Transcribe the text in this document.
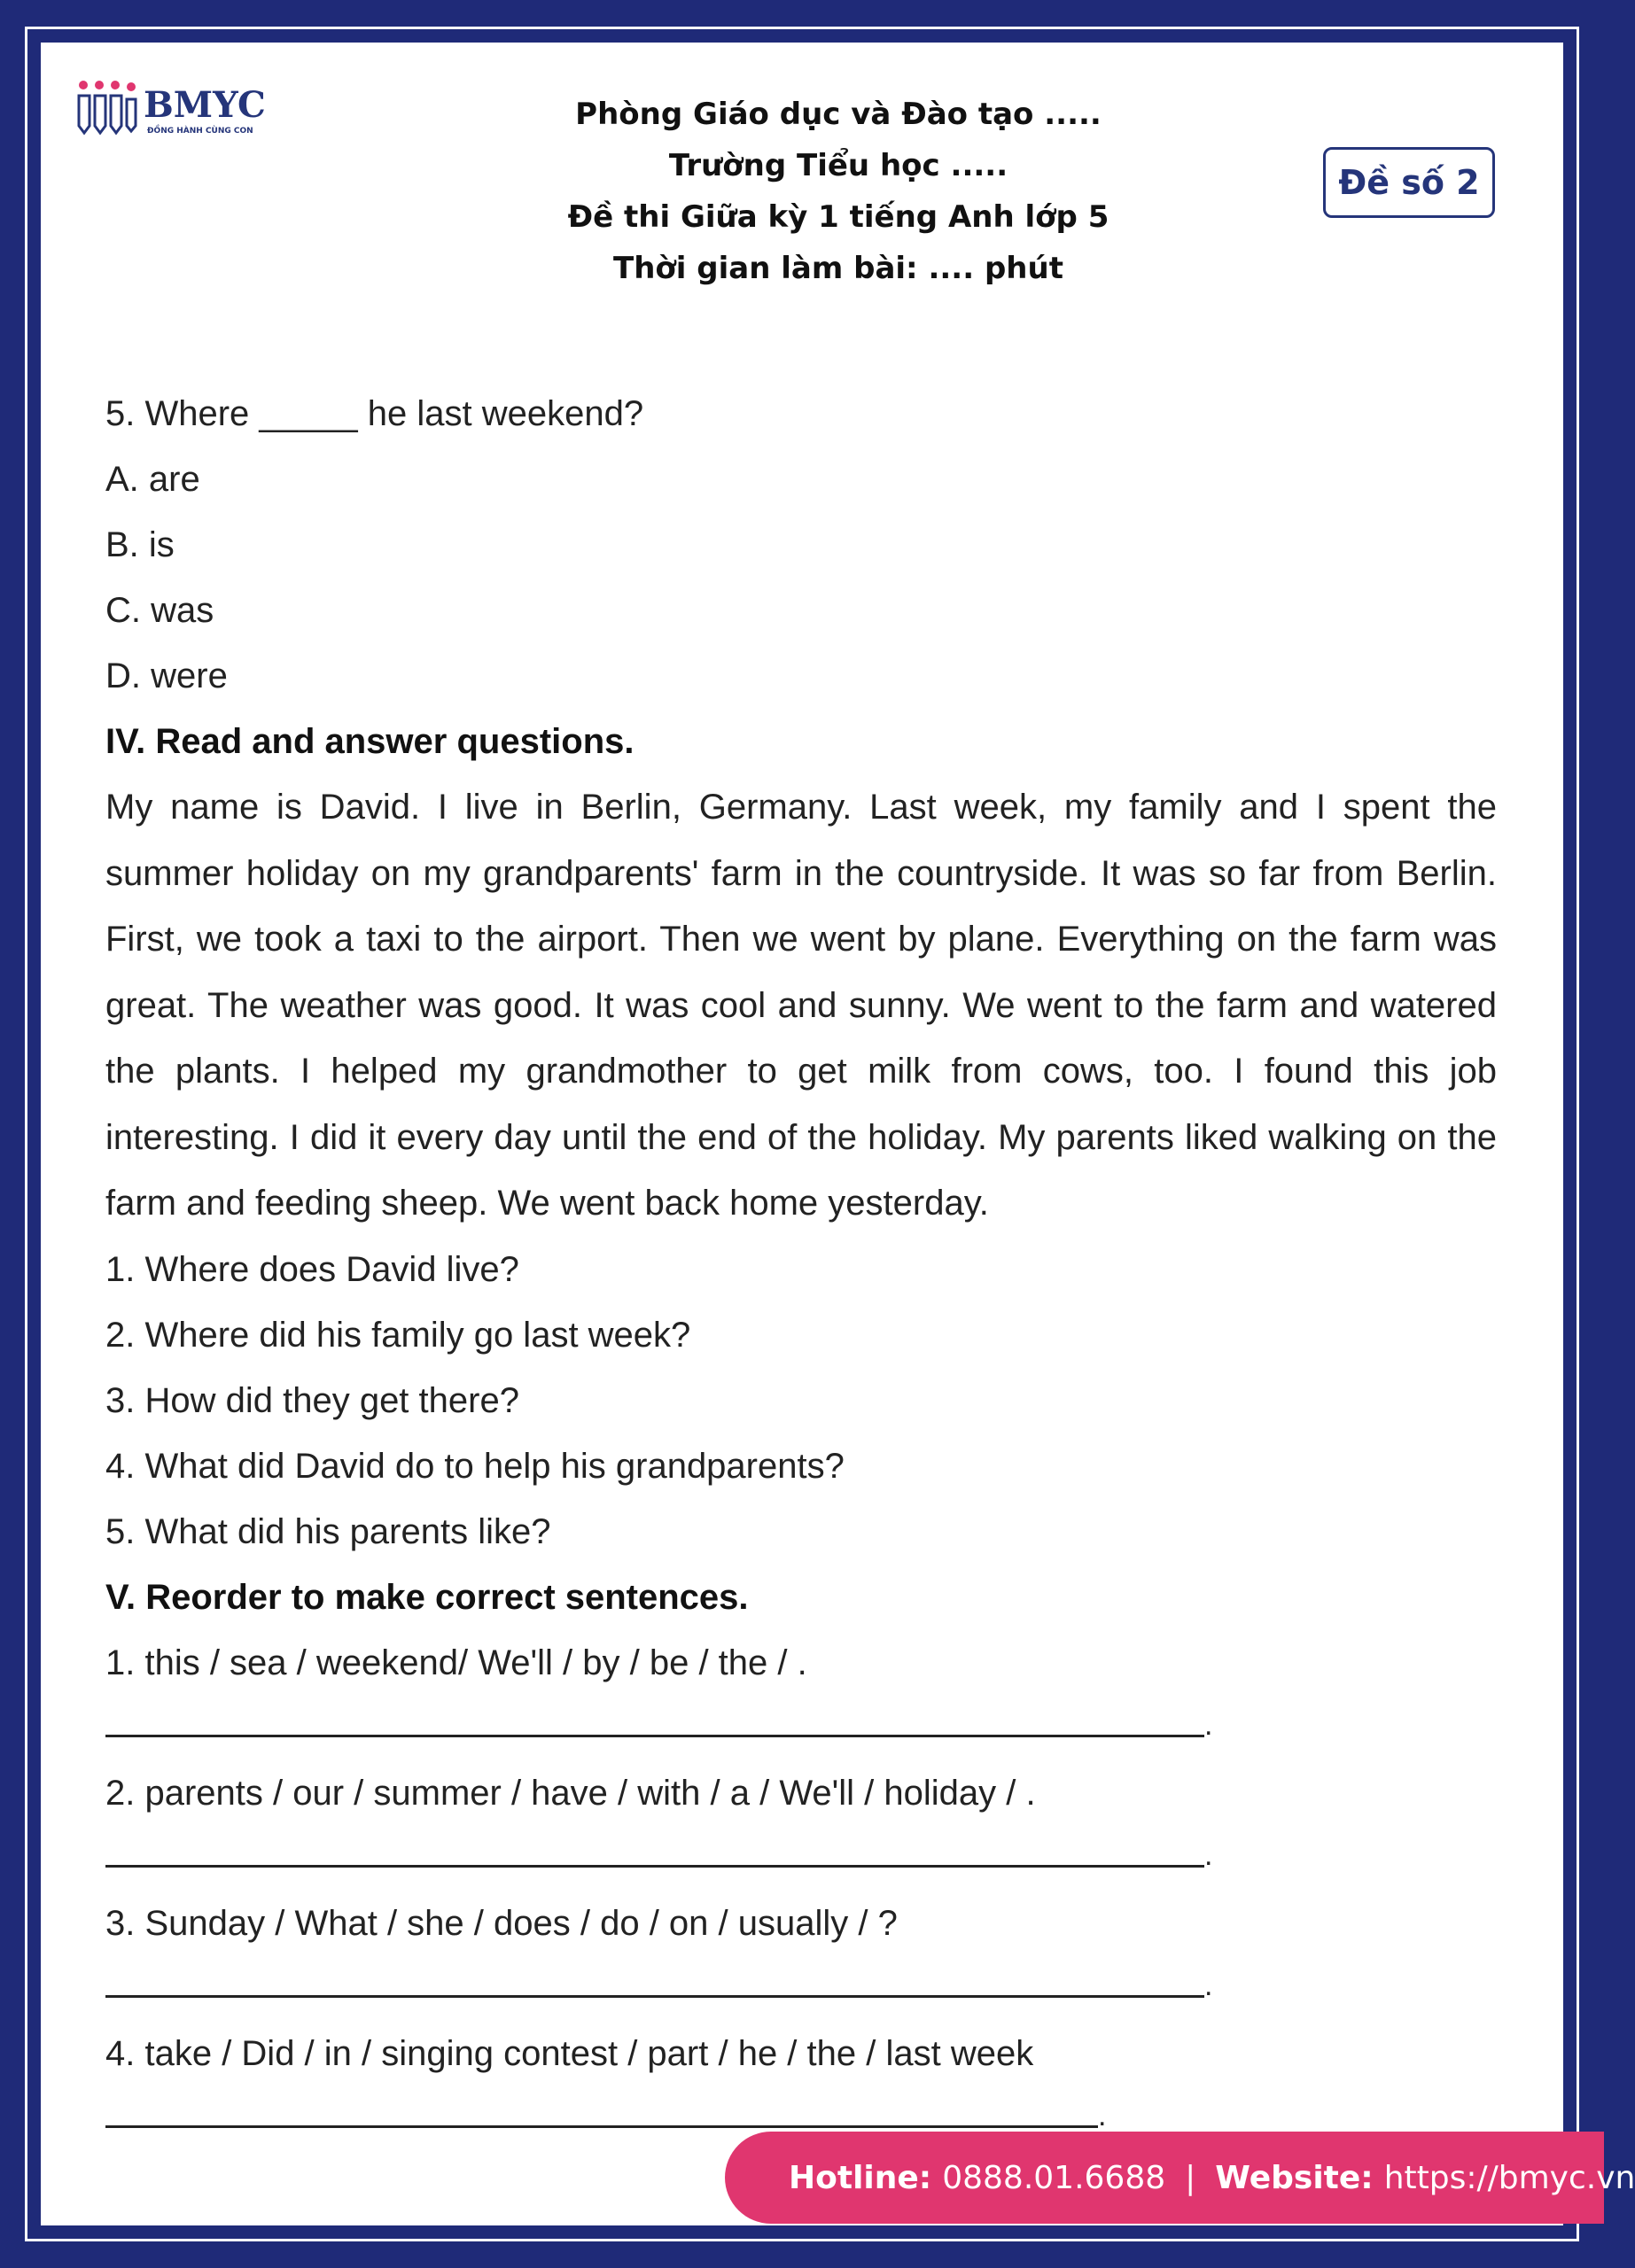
BMYC
ĐỒNG HÀNH CÙNG CON	Phòng Giáo dục và Đào tạo .....
Trường Tiểu học .....
Đề thi Giữa kỳ 1 tiếng Anh lớp 5
Thời gian làm bài: .... phút
Đề số 2
5. Where _____ he last weekend?
A. are
B. is
C. was
D. were
IV. Read and answer questions.
My name is David. I live in Berlin, Germany. Last week, my family and I spent the summer holiday on my grandparents' farm in the countryside. It was so far from Berlin. First, we took a taxi to the airport. Then we went by plane. Everything on the farm was great. The weather was good. It was cool and sunny. We went to the farm and watered the plants. I helped my grandmother to get milk from cows, too. I found this job interesting. I did it every day until the end of the holiday. My parents liked walking on the farm and feeding sheep. We went back home yesterday.
1. Where does David live?
2. Where did his family go last week?
3. How did they get there?
4. What did David do to help his grandparents?
5. What did his parents like?
V. Reorder to make correct sentences.
1. this / sea / weekend/ We'll / by / be / the / .
.
2. parents / our / summer / have / with / a / We'll / holiday / .
.
3. Sunday / What / she / does / do / on / usually / ?
.
4. take / Did / in / singing contest / part / he / the / last week
.
Hotline: 0888.01.6688 | Website: https://bmyc.vn
